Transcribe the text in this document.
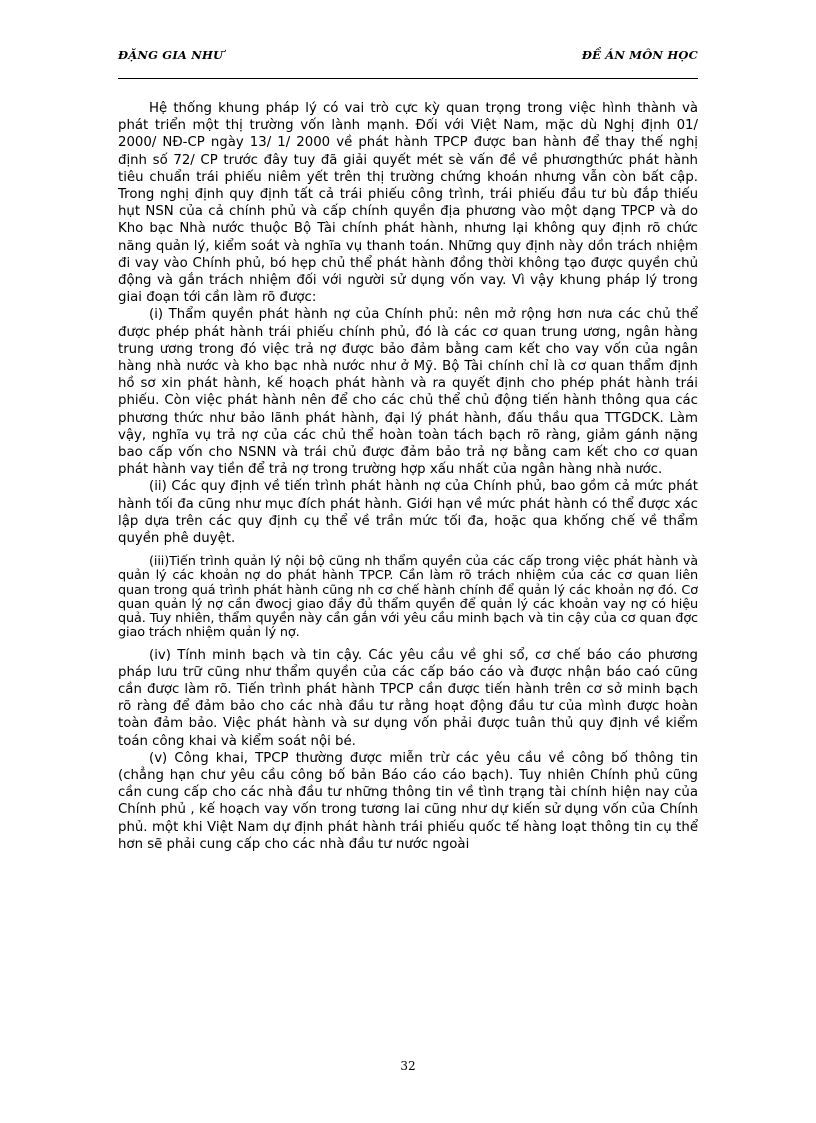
ĐẶNG GIA NHƯ	ĐỀ ÁN MÔN HỌC

Hệ thống khung pháp lý có vai trò cực kỳ quan trọng trong việc hình thành và phát triển một thị trường vốn lành mạnh. Đối với Việt Nam, mặc dù Nghị định 01/ 2000/ NĐ-CP ngày 13/ 1/ 2000 về phát hành TPCP được ban hành để thay thế nghị định số 72/ CP trước đây tuy đã giải quyết mét sè vấn đề về phươngthức phát hành tiêu chuẩn trái phiếu niêm yết trên thị trường chứng khoán nhưng vẫn còn bất cập. Trong nghị định quy định tất cả trái phiếu công trình, trái phiếu đầu tư bù đắp thiếu hụt NSN của cả chính phủ và cấp chính quyền địa phương vào một dạng TPCP và do Kho bạc Nhà nước thuộc Bộ Tài chính phát hành, nhưng lại không quy định rõ chức năng quản lý, kiểm soát và nghĩa vụ thanh toán. Những quy định này dồn trách nhiệm đi vay vào Chính phủ, bó hẹp chủ thể phát hành đồng thời không tạo được quyền chủ động và gắn trách nhiệm đối với người sử dụng vốn vay. Vì vậy khung pháp lý trong giai đoạn tới cần làm rõ được:

(i) Thẩm quyền phát hành nợ của Chính phủ: nên mở rộng hơn nưa các chủ thể được phép phát hành trái phiếu chính phủ, đó là các cơ quan trung ương, ngân hàng trung ương trong đó việc trả nợ được bảo đảm bằng cam kết cho vay vốn của ngân hàng nhà nước và kho bạc nhà nước như ở Mỹ. Bộ Tài chính chỉ là cơ quan thẩm định hồ sơ xin phát hành, kế hoạch phát hành và ra quyết định cho phép phát hành trái phiếu. Còn việc phát hành nên để cho các chủ thể chủ động tiến hành thông qua các phương thức như bảo lãnh phát hành, đại lý phát hành, đấu thầu qua TTGDCK. Làm vậy, nghĩa vụ trả nợ của các chủ thể hoàn toàn tách bạch rõ ràng, giảm gánh nặng bao cấp vốn cho NSNN và trái chủ được đảm bảo trả nợ bằng cam kết cho cơ quan phát hành vay tiền để trả nợ trong trường hợp xấu nhất của ngân hàng nhà nước.

(ii) Các quy định về tiến trình phát hành nợ của Chính phủ, bao gồm cả mức phát hành tối đa cũng như mục đích phát hành. Giới hạn về mức phát hành có thể được xác lập dựa trên các quy định cụ thể về trần mức tối đa, hoặc qua khống chế về thẩm quyền phê duyệt.

(iii)Tiến trình quản lý nội bộ cũng nh thẩm quyền của các cấp trong việc phát hành và quản lý các khoản nợ do phát hành TPCP. Cần làm rõ trách nhiệm của các cơ quan liên quan trong quá trình phát hành cũng nh cơ chế hành chính để quản lý các khoản nợ đó. Cơ quan quản lý nợ cần đwocj giao đầy đủ thẩm quyền để quản lý các khoản vay nợ có hiệu quả. Tuy nhiên, thẩm quyền này cần gắn với yêu cầu minh bạch và tin cậy của cơ quan đợc giao trách nhiệm quản lý nợ.

(iv) Tính minh bạch và tin cậy. Các yêu cầu về ghi sổ, cơ chế báo cáo phương pháp lưu trữ cũng như thẩm quyền của các cấp báo cáo và được nhận báo caó cũng cần được làm rõ. Tiến trình phát hành TPCP cần được tiến hành trên cơ sở minh bạch rõ ràng để đảm bảo cho các nhà đầu tư rằng hoạt động đầu tư của mình được hoàn toàn đảm bảo. Việc phát hành và sư dụng vốn phải được tuân thủ quy định về kiểm toán công khai và kiểm soát nội bé.

(v) Công khai, TPCP thường được miễn trừ các yêu cầu về công bố thông tin (chẳng hạn chư yêu cầu công bố bản Báo cáo cáo bạch). Tuy nhiên Chính phủ cũng cần cung cấp cho các nhà đầu tư những thông tin về tình trạng tài chính hiện nay của Chính phủ , kế hoạch vay vốn trong tương lai cũng như dự kiến sử dụng vốn của Chính phủ. một khi Việt Nam dự định phát hành trái phiếu quốc tế hàng loạt thông tin cụ thể hơn sẽ phải cung cấp cho các nhà đầu tư nước ngoài

32
